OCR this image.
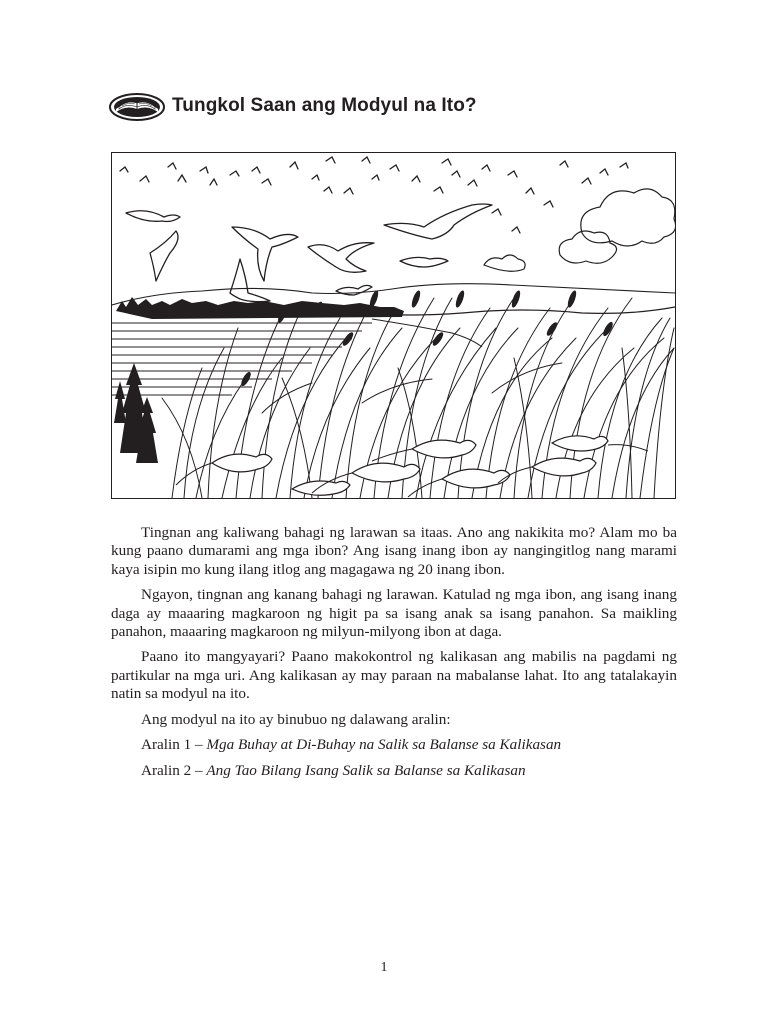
Tungkol Saan ang Modyul na Ito?

Tingnan ang kaliwang bahagi ng larawan sa itaas. Ano ang nakikita mo? Alam mo ba kung paano dumarami ang mga ibon? Ang isang inang ibon ay nangingitlog nang marami kaya isipin mo kung ilang itlog ang magagawa ng 20 inang ibon.

Ngayon, tingnan ang kanang bahagi ng larawan. Katulad ng mga ibon, ang isang inang daga ay maaaring magkaroon ng higit pa sa isang anak sa isang panahon. Sa maikling panahon, maaaring magkaroon ng milyun-milyong ibon at daga.

Paano ito mangyayari? Paano makokontrol ng kalikasan ang mabilis na pagdami ng partikular na mga uri. Ang kalikasan ay may paraan na mabalanse lahat. Ito ang tatalakayin natin sa modyul na ito.

Ang modyul na ito ay binubuo ng dalawang aralin:

Aralin 1 – Mga Buhay at Di-Buhay na Salik sa Balanse sa Kalikasan
Aralin 2 – Ang Tao Bilang Isang Salik sa Balanse sa Kalikasan
1
